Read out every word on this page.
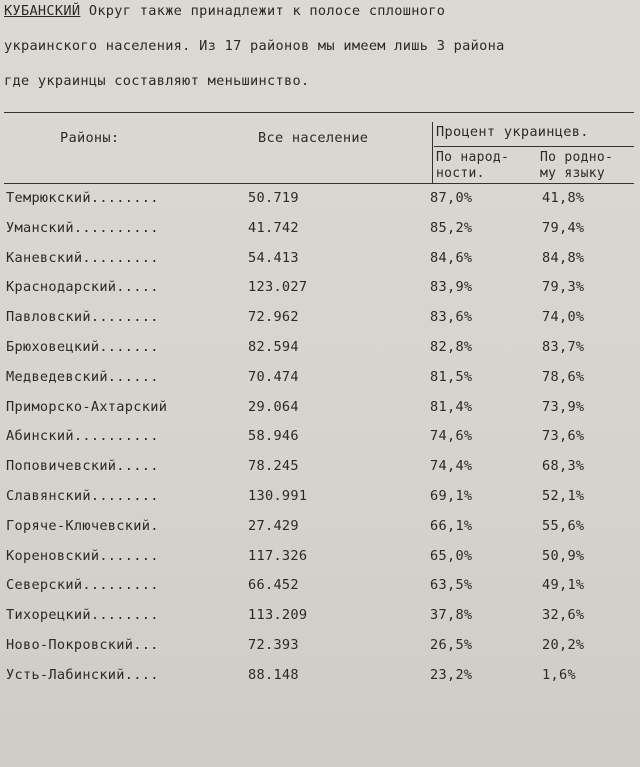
КУБАНСКИЙ Округ также принадлежит к полосе сплошного
украинского населения. Из 17 районов мы имеем лишь 3 района
где украинцы составляют меньшинство.
Районы:	Все население	Процент украинцев.
По народ-
ности.
По родно-
му языку
Темрюкский........	50.719	87,0%	41,8%
Уманский..........	41.742	85,2%	79,4%
Каневский.........	54.413	84,6%	84,8%
Краснодарский.....	123.027	83,9%	79,3%
Павловский........	72.962	83,6%	74,0%
Брюховецкий.......	82.594	82,8%	83,7%
Медведевский......	70.474	81,5%	78,6%
Приморско-Ахтарский	29.064	81,4%	73,9%
Абинский..........	58.946	74,6%	73,6%
Поповичевский.....	78.245	74,4%	68,3%
Славянский........	130.991	69,1%	52,1%
Горяче-Ключевский.	27.429	66,1%	55,6%
Кореновский.......	117.326	65,0%	50,9%
Северский.........	66.452	63,5%	49,1%
Тихорецкий........	113.209	37,8%	32,6%
Ново-Покровский...	72.393	26,5%	20,2%
Усть-Лабинский....	88.148	23,2%	1,6%
